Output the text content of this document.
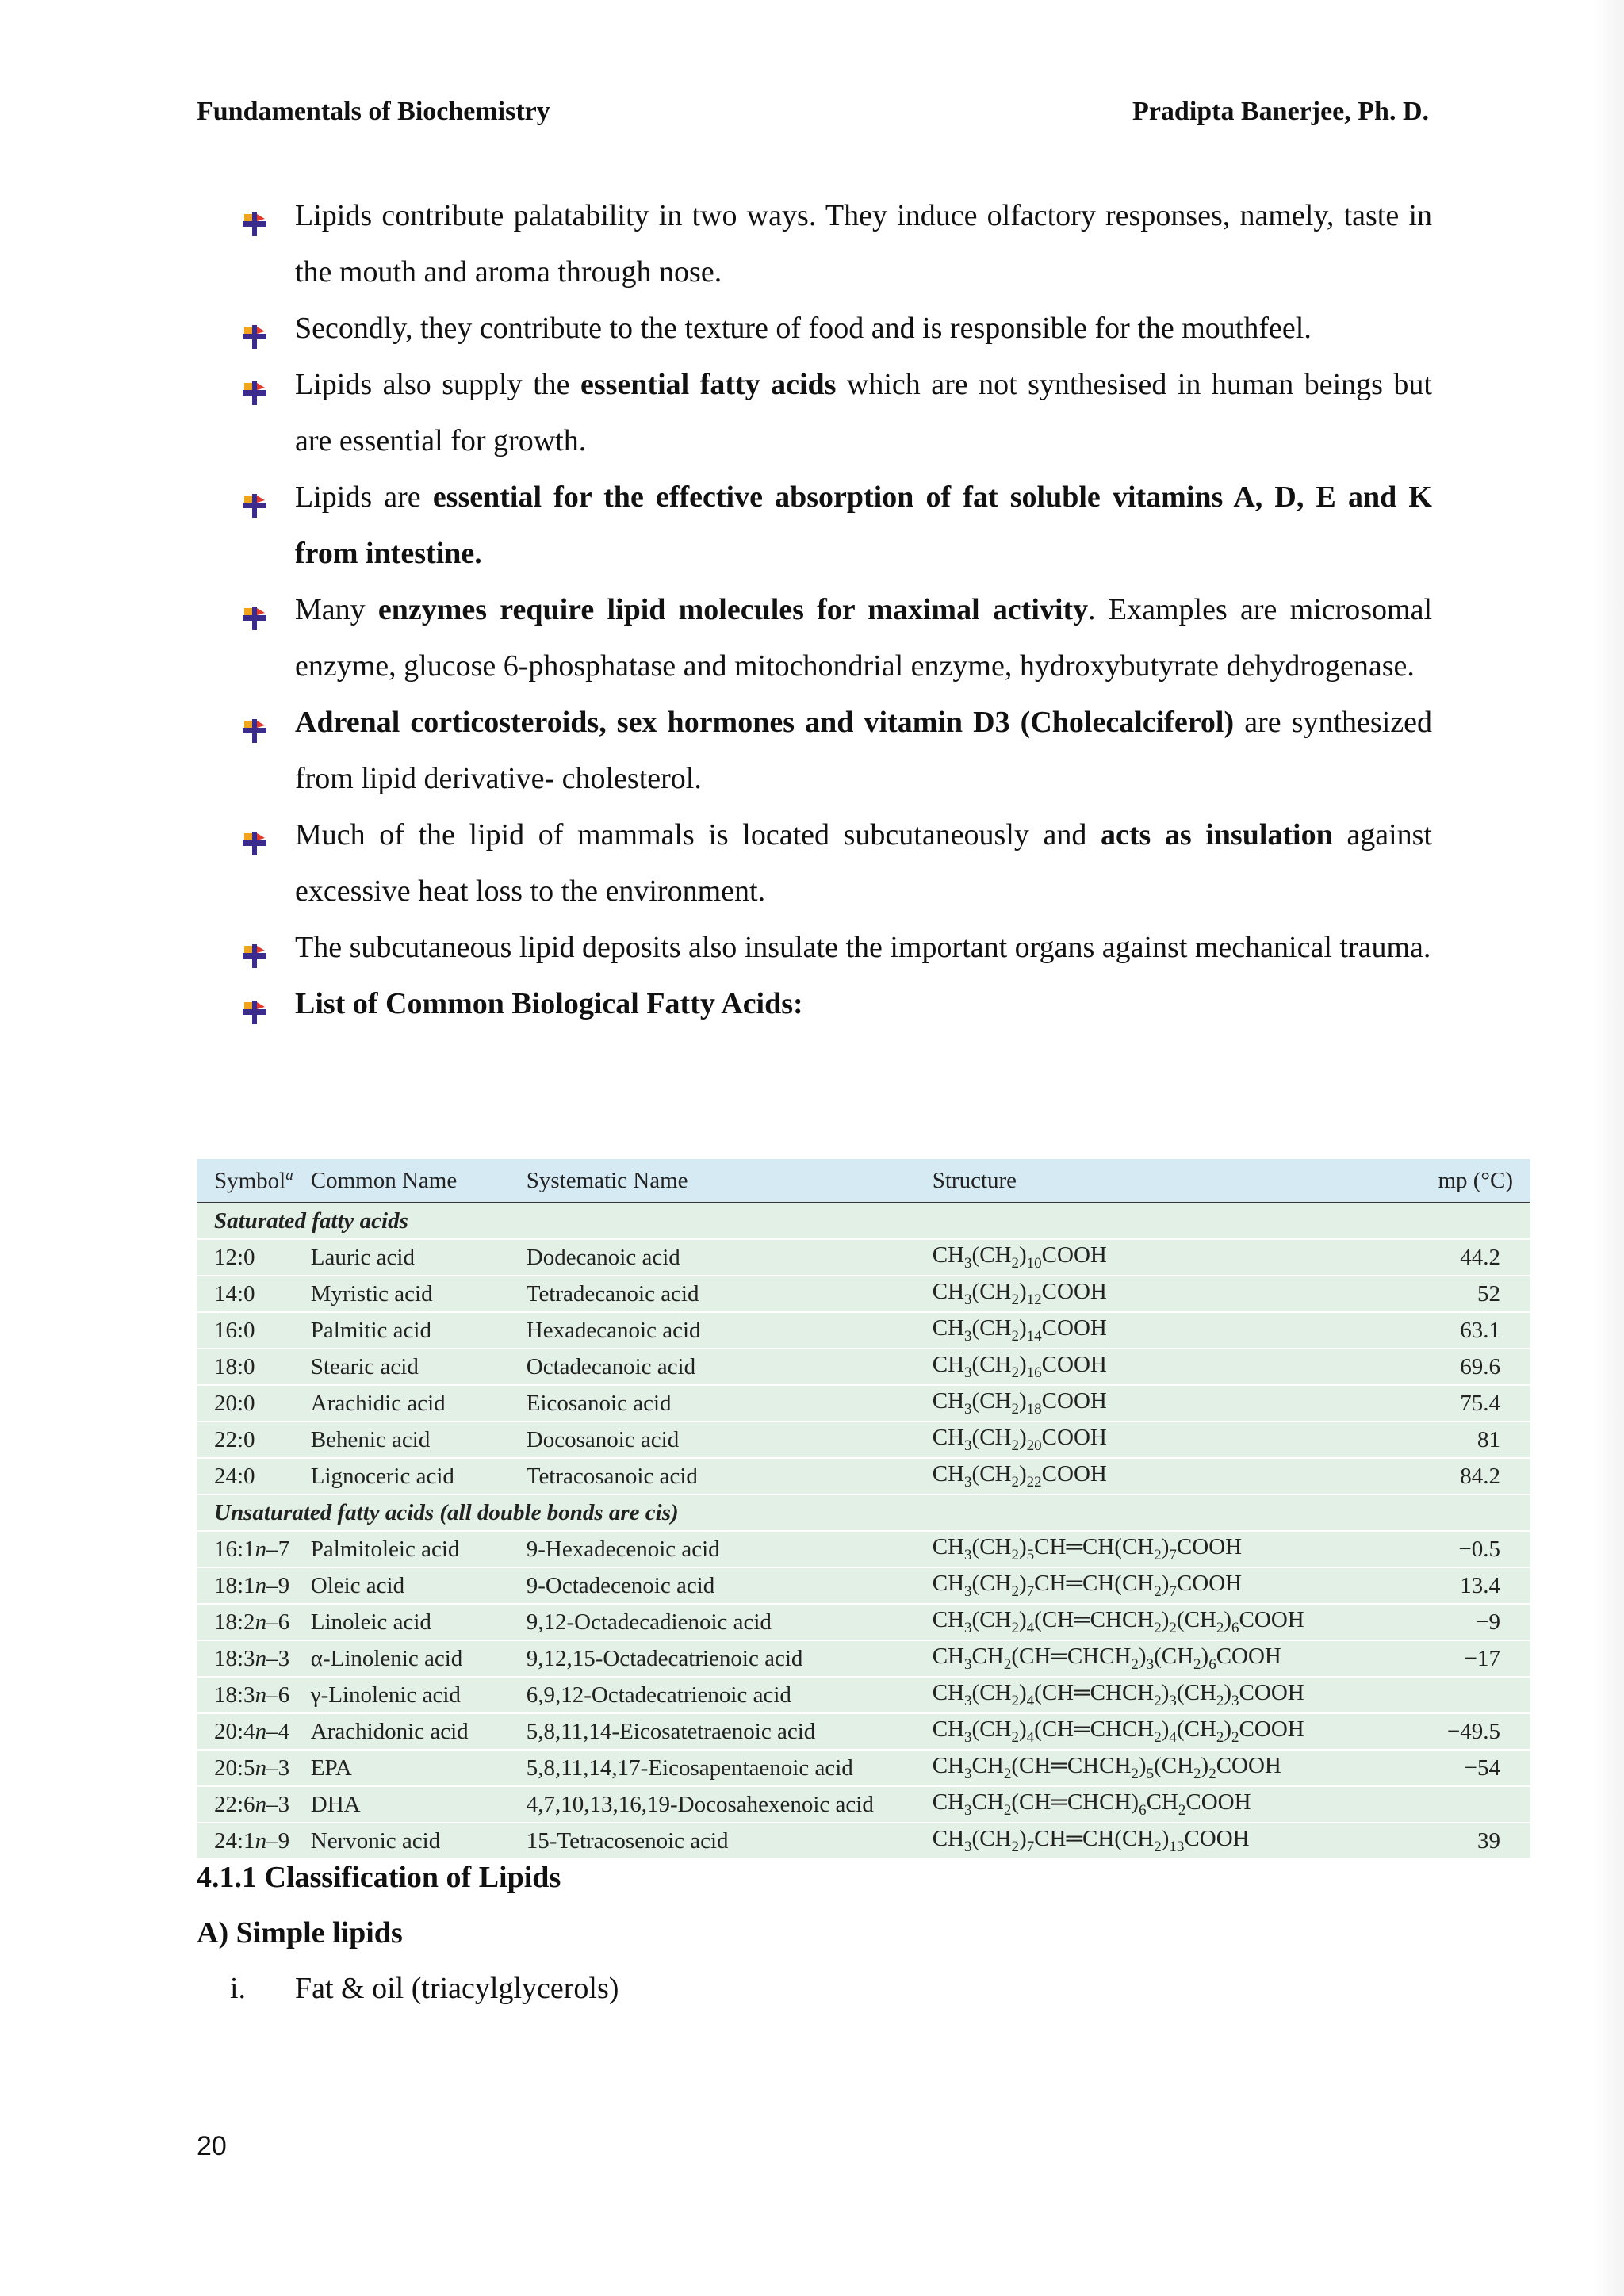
Fundamentals of Biochemistry	Pradipta Banerjee, Ph. D.
Lipids contribute palatability in two ways. They induce olfactory responses, namely, taste in the mouth and aroma through nose.
Secondly, they contribute to the texture of food and is responsible for the mouthfeel.
Lipids also supply the essential fatty acids which are not synthesised in human beings but are essential for growth.
Lipids are essential for the effective absorption of fat soluble vitamins A, D, E and K from intestine.
Many enzymes require lipid molecules for maximal activity. Examples are microsomal enzyme, glucose 6-phosphatase and mitochondrial enzyme, hydroxybutyrate dehydrogenase.
Adrenal corticosteroids, sex hormones and vitamin D3 (Cholecalciferol) are synthesized from lipid derivative- cholesterol.
Much of the lipid of mammals is located subcutaneously and acts as insulation against excessive heat loss to the environment.
The subcutaneous lipid deposits also insulate the important organs against mechanical trauma.
List of Common Biological Fatty Acids:
Symbol$^a$	Common Name	Systematic Name	Structure	mp (°C)
Saturated fatty acids				
12:0	Lauric acid	Dodecanoic acid	$CH_3(CH_2)_{10}COOH$	44.2
14:0	Myristic acid	Tetradecanoic acid	$CH_3(CH_2)_{12}COOH$	52
16:0	Palmitic acid	Hexadecanoic acid	$CH_3(CH_2)_{14}COOH$	63.1
18:0	Stearic acid	Octadecanoic acid	$CH_3(CH_2)_{16}COOH$	69.6
20:0	Arachidic acid	Eicosanoic acid	$CH_3(CH_2)_{18}COOH$	75.4
22:0	Behenic acid	Docosanoic acid	$CH_3(CH_2)_{20}COOH$	81
24:0	Lignoceric acid	Tetracosanoic acid	$CH_3(CH_2)_{22}COOH$	84.2
Unsaturated fatty acids (all double bonds are cis)				
16:1n–7	Palmitoleic acid	9-Hexadecenoic acid	$CH_3(CH_2)_5CH═CH(CH_2)_7COOH$	−0.5
18:1n–9	Oleic acid	9-Octadecenoic acid	$CH_3(CH_2)_7CH═CH(CH_2)_7COOH$	13.4
18:2n–6	Linoleic acid	9,12-Octadecadienoic acid	$CH_3(CH_2)_4(CH═CHCH_2)_2(CH_2)_6COOH$	−9
18:3n–3	α-Linolenic acid	9,12,15-Octadecatrienoic acid	$CH_3CH_2(CH═CHCH_2)_3(CH_2)_6COOH$	−17
18:3n–6	γ-Linolenic acid	6,9,12-Octadecatrienoic acid	$CH_3(CH_2)_4(CH═CHCH_2)_3(CH_2)_3COOH$	
20:4n–4	Arachidonic acid	5,8,11,14-Eicosatetraenoic acid	$CH_3(CH_2)_4(CH═CHCH_2)_4(CH_2)_2COOH$	−49.5
20:5n–3	EPA	5,8,11,14,17-Eicosapentaenoic acid	$CH_3CH_2(CH═CHCH_2)_5(CH_2)_2COOH$	−54
22:6n–3	DHA	4,7,10,13,16,19-Docosahexenoic acid	$CH_3CH_2(CH═CHCH)_6CH_2COOH$	
24:1n–9	Nervonic acid	15-Tetracosenoic acid	$CH_3(CH_2)_7CH═CH(CH_2)_{13}COOH$	39
4.1.1 Classification of Lipids
A) Simple lipids
i. Fat & oil (triacylglycerols)
20
